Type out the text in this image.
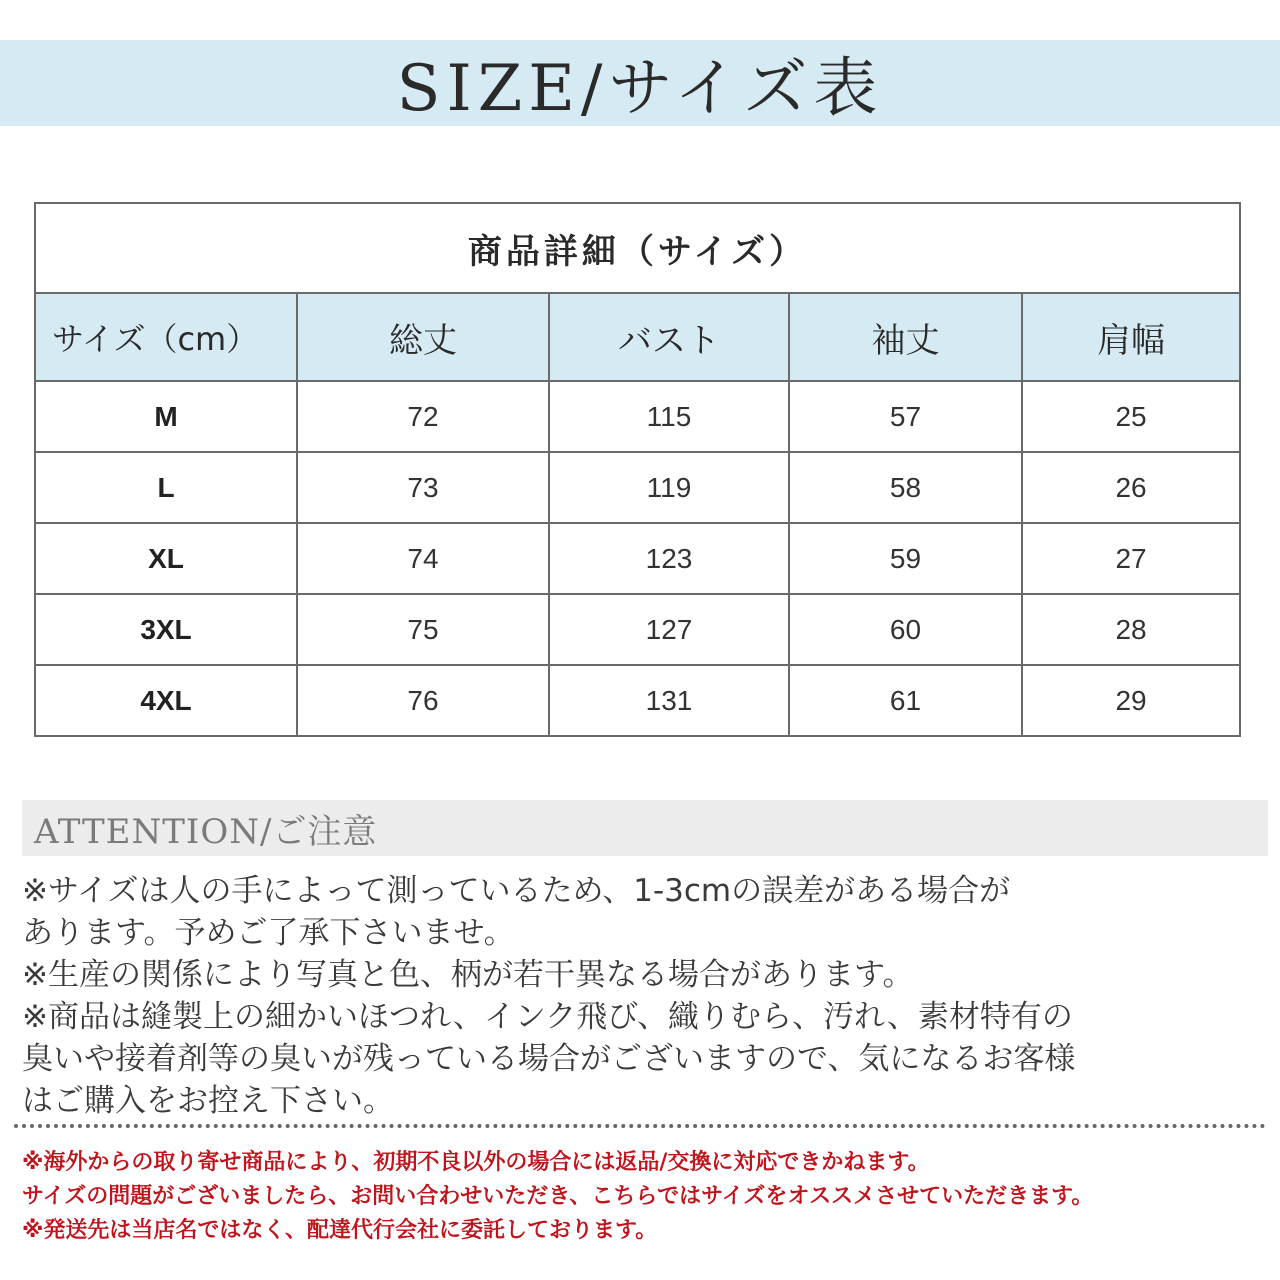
SIZE/サイズ表
商品詳細（サイズ）				
サイズ（cm）	総丈	バスト	袖丈	肩幅
M	72	115	57	25
L	73	119	58	26
XL	74	123	59	27
3XL	75	127	60	28
4XL	76	131	61	29
ATTENTION/ご注意

※サイズは人の手によって測っているため、1-3cmの誤差がある場合が

あります。予めご了承下さいませ。

※生産の関係により写真と色、柄が若干異なる場合があります。

※商品は縫製上の細かいほつれ、インク飛び、織りむら、汚れ、素材特有の

臭いや接着剤等の臭いが残っている場合がございますので、気になるお客様

はご購入をお控え下さい。

※海外からの取り寄せ商品により、初期不良以外の場合には返品/交換に対応できかねます。

サイズの問題がございましたら、お問い合わせいただき、こちらではサイズをオススメさせていただきます。

※発送先は当店名ではなく、配達代行会社に委託しております。
